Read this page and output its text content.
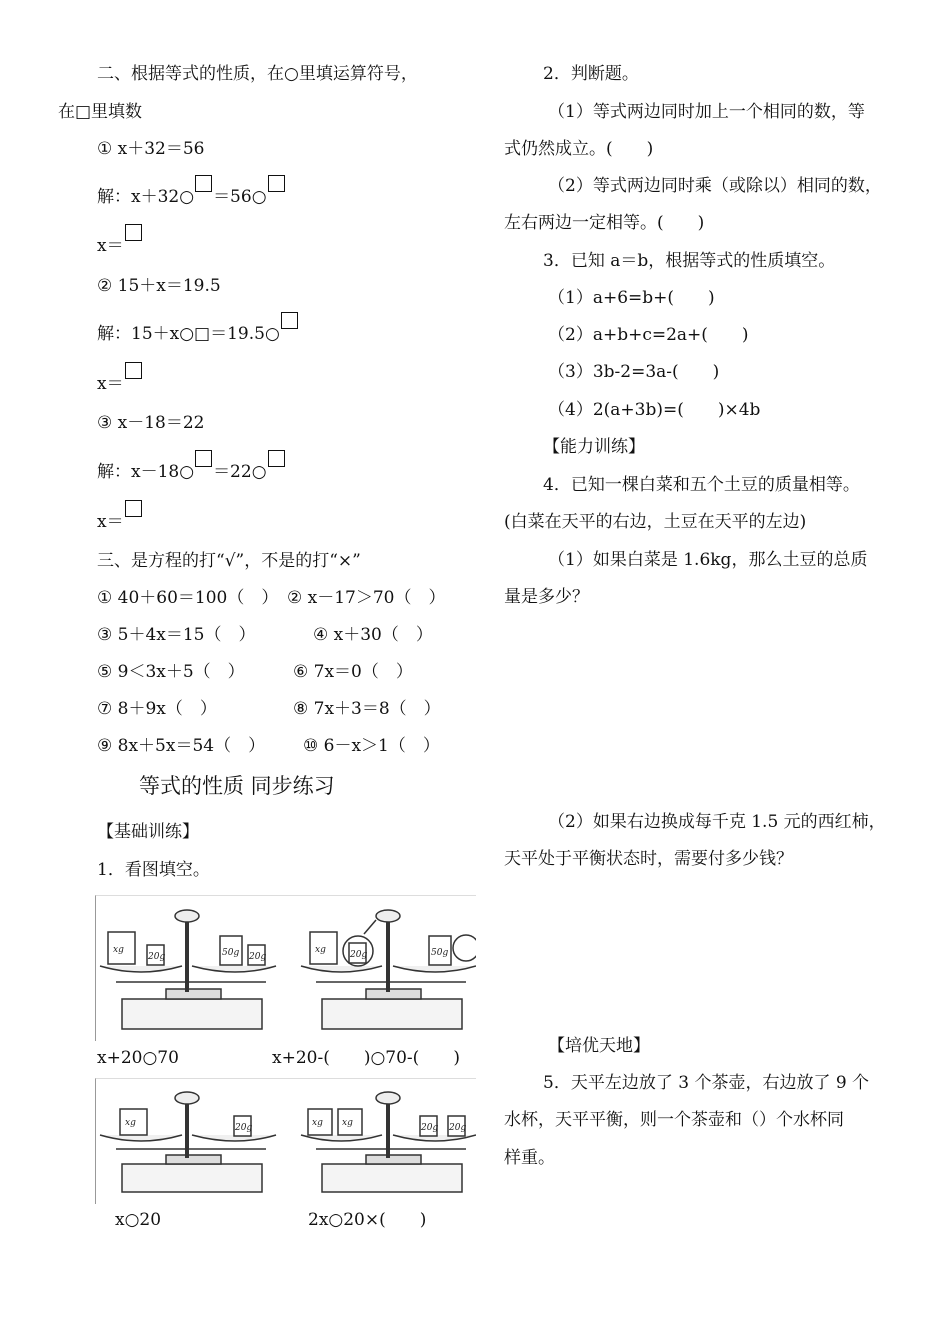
二、根据等式的性质，在○里填运算符号，
在□里填数
① x＋32＝56
解：x＋32○ ＝56○
x＝
② 15＋x＝19.5
解：15＋x○□＝19.5○
x＝
③ x－18＝22
解：x－18○ ＝22○
x＝
三、是方程的打“√”，不是的打“×”
① 40＋60＝100（　） ② x－17＞70（　）
③ 5＋4x＝15（　）	④ x＋30（　）
⑤ 9＜3x＋5（　）	⑥ 7x＝0（　）
⑦ 8＋9x（　）	⑧ 7x＋3＝8（　）
⑨ 8x＋5x＝54（　） ⑩ 6－x＞1（　）
等式的性质 同步练习
【基础训练】
1．看图填空。
xg
20g	50g 20g
xg	20g	50g
x+20○70	x+20-(　　)○70-(　　)
xg	20g	xg xg	20g 20g
x○20	2x○20×(　　)
2．判断题。
（1）等式两边同时加上一个相同的数，等
式仍然成立。(　　)
（2）等式两边同时乘（或除以）相同的数，
左右两边一定相等。(　　)
3．已知 a＝b，根据等式的性质填空。
（1）a+6=b+(　　)
（2）a+b+c=2a+(　　)
（3）3b-2=3a-(　　)
（4）2(a+3b)=(　　)×4b
【能力训练】
4．已知一棵白菜和五个土豆的质量相等。
(白菜在天平的右边，土豆在天平的左边)
（1）如果白菜是 1.6kg，那么土豆的总质
量是多少？
（2）如果右边换成每千克 1.5 元的西红柿，
天平处于平衡状态时，需要付多少钱？
【培优天地】
5．天平左边放了 3 个茶壶，右边放了 9 个
水杯，天平平衡，则一个茶壶和（）个水杯同
样重。
